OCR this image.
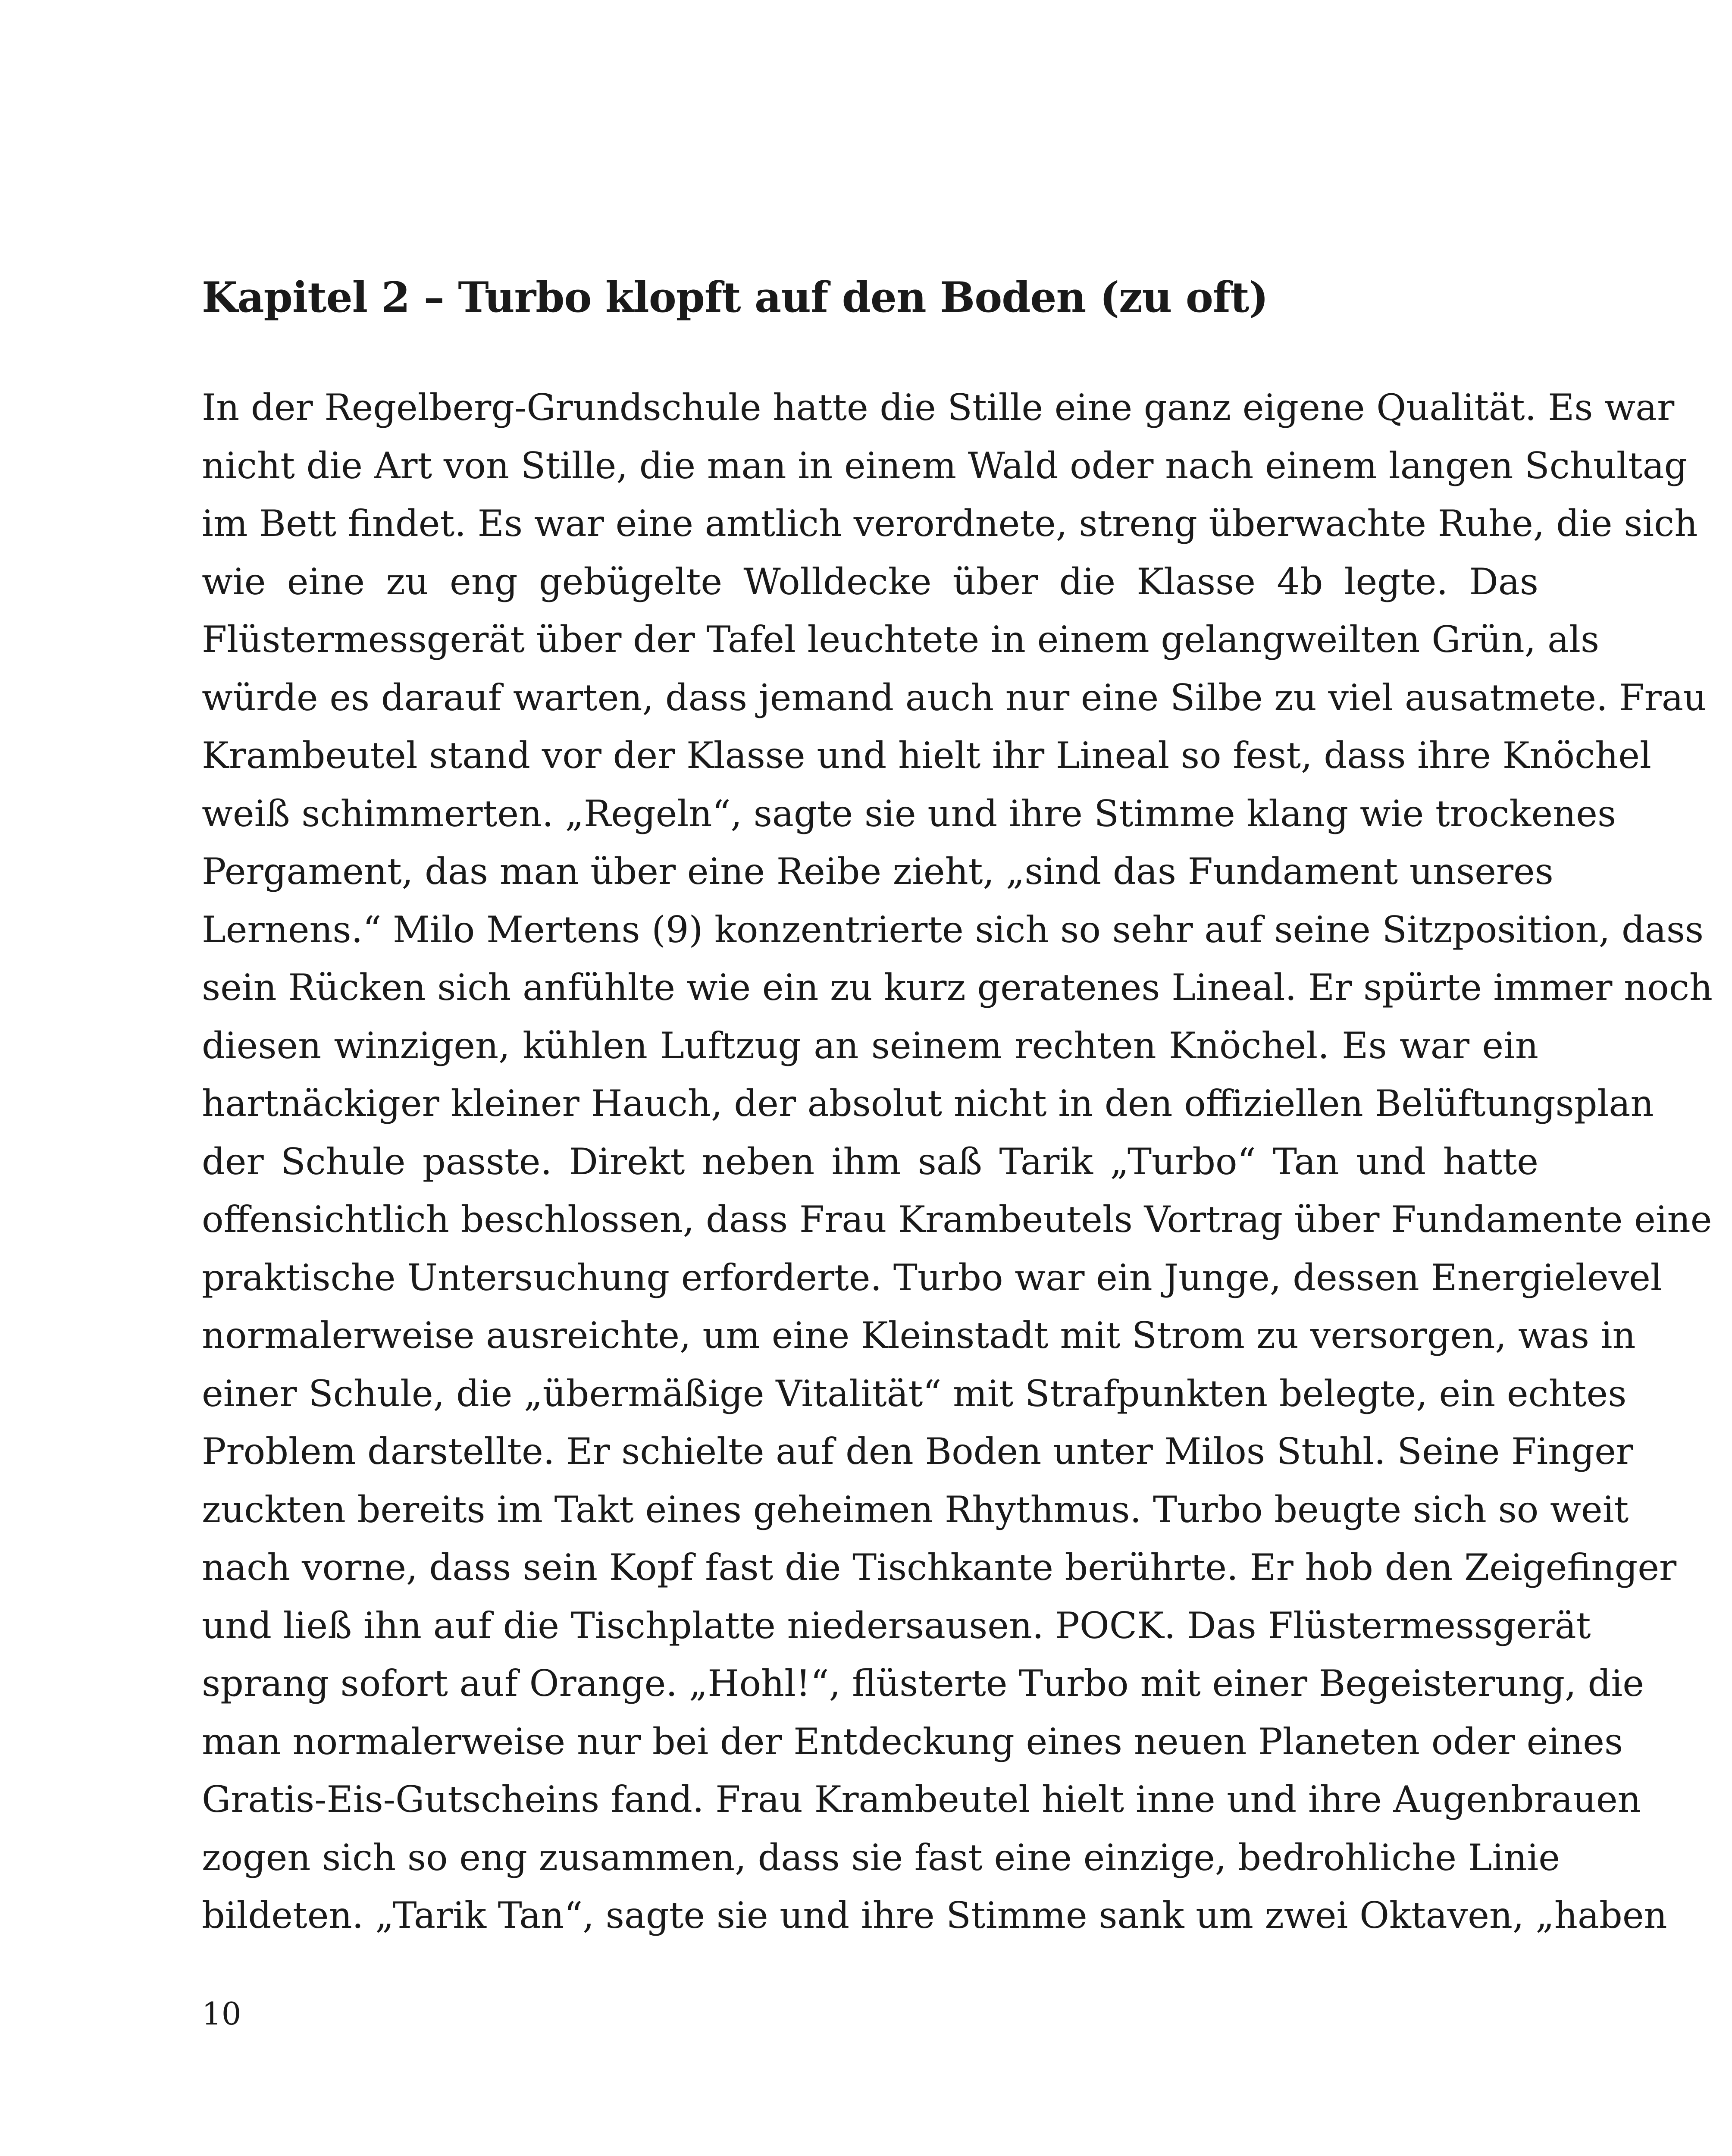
Kapitel 2 – Turbo klopft auf den Boden (zu oft)
In der Regelberg-Grundschule hatte die Stille eine ganz eigene Qualität. Es war
nicht die Art von Stille, die man in einem Wald oder nach einem langen Schultag
im Bett findet. Es war eine amtlich verordnete, streng überwachte Ruhe, die sich
wie eine zu eng gebügelte Wolldecke über die Klasse 4b legte. Das
Flüstermessgerät über der Tafel leuchtete in einem gelangweilten Grün, als
würde es darauf warten, dass jemand auch nur eine Silbe zu viel ausatmete. Frau
Krambeutel stand vor der Klasse und hielt ihr Lineal so fest, dass ihre Knöchel
weiß schimmerten. „Regeln“, sagte sie und ihre Stimme klang wie trockenes
Pergament, das man über eine Reibe zieht, „sind das Fundament unseres
Lernens.“ Milo Mertens (9) konzentrierte sich so sehr auf seine Sitzposition, dass
sein Rücken sich anfühlte wie ein zu kurz geratenes Lineal. Er spürte immer noch
diesen winzigen, kühlen Luftzug an seinem rechten Knöchel. Es war ein
hartnäckiger kleiner Hauch, der absolut nicht in den offiziellen Belüftungsplan
der Schule passte. Direkt neben ihm saß Tarik „Turbo“ Tan und hatte
offensichtlich beschlossen, dass Frau Krambeutels Vortrag über Fundamente eine
praktische Untersuchung erforderte. Turbo war ein Junge, dessen Energielevel
normalerweise ausreichte, um eine Kleinstadt mit Strom zu versorgen, was in
einer Schule, die „übermäßige Vitalität“ mit Strafpunkten belegte, ein echtes
Problem darstellte. Er schielte auf den Boden unter Milos Stuhl. Seine Finger
zuckten bereits im Takt eines geheimen Rhythmus. Turbo beugte sich so weit
nach vorne, dass sein Kopf fast die Tischkante berührte. Er hob den Zeigefinger
und ließ ihn auf die Tischplatte niedersausen. POCK. Das Flüstermessgerät
sprang sofort auf Orange. „Hohl!“, flüsterte Turbo mit einer Begeisterung, die
man normalerweise nur bei der Entdeckung eines neuen Planeten oder eines
Gratis-Eis-Gutscheins fand. Frau Krambeutel hielt inne und ihre Augenbrauen
zogen sich so eng zusammen, dass sie fast eine einzige, bedrohliche Linie
bildeten. „Tarik Tan“, sagte sie und ihre Stimme sank um zwei Oktaven, „haben

10
